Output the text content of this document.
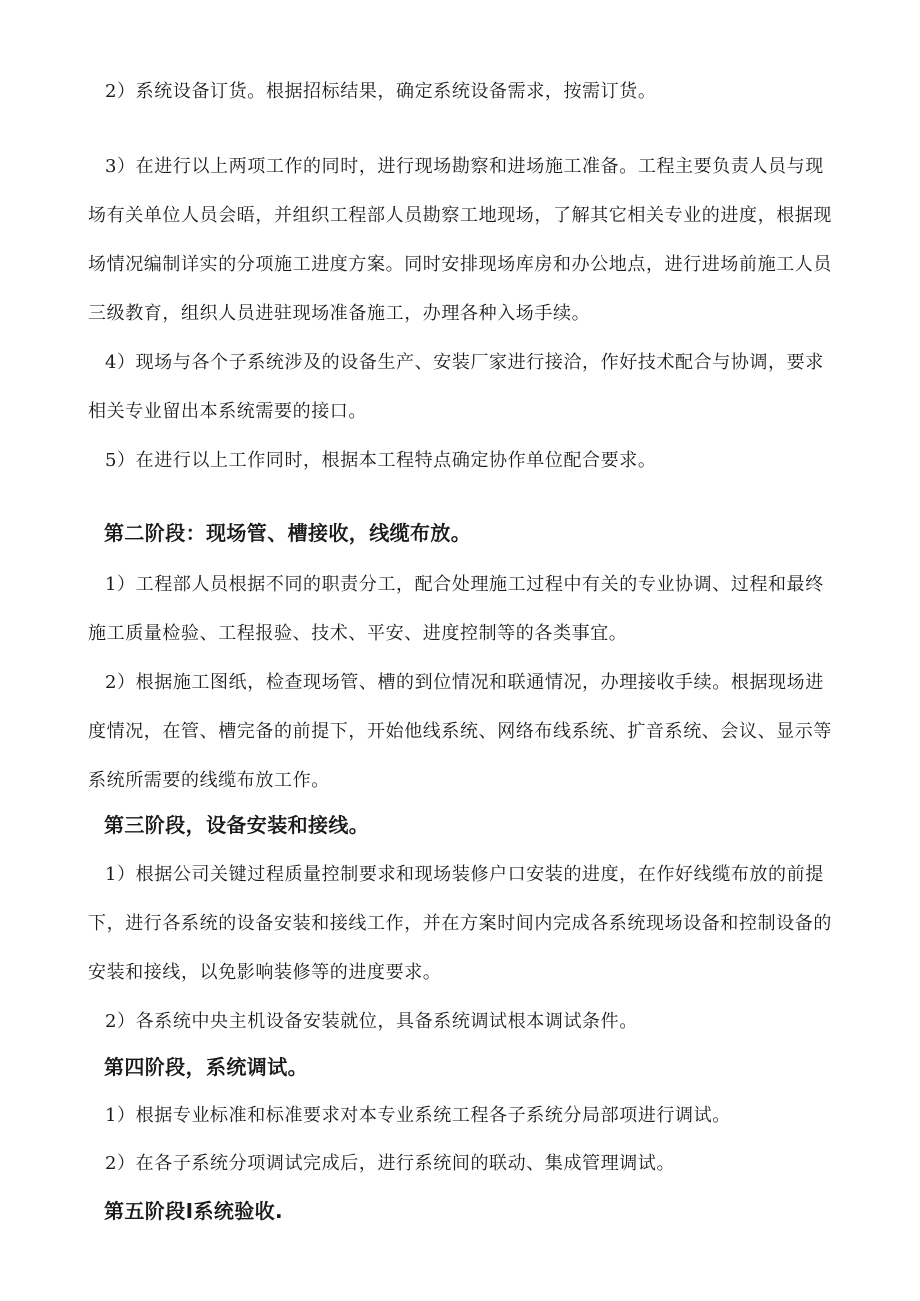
2）系统设备订货。根据招标结果，确定系统设备需求，按需订货。

3）在进行以上两项工作的同时，进行现场勘察和进场施工准备。工程主要负责人员与现场有关单位人员会晤，并组织工程部人员勘察工地现场，了解其它相关专业的进度，根据现场情况编制详实的分项施工进度方案。同时安排现场库房和办公地点，进行进场前施工人员三级教育，组织人员进驻现场准备施工，办理各种入场手续。

4）现场与各个子系统涉及的设备生产、安装厂家进行接洽，作好技术配合与协调，要求相关专业留出本系统需要的接口。

5）在进行以上工作同时，根据本工程特点确定协作单位配合要求。

第二阶段：现场管、槽接收，线缆布放。

1）工程部人员根据不同的职责分工，配合处理施工过程中有关的专业协调、过程和最终施工质量检验、工程报验、技术、平安、进度控制等的各类事宜。

2）根据施工图纸，检查现场管、槽的到位情况和联通情况，办理接收手续。根据现场进度情况，在管、槽完备的前提下，开始他线系统、网络布线系统、扩音系统、会议、显示等系统所需要的线缆布放工作。

第三阶段，设备安装和接线。

1）根据公司关键过程质量控制要求和现场装修户口安装的进度，在作好线缆布放的前提下，进行各系统的设备安装和接线工作，并在方案时间内完成各系统现场设备和控制设备的安装和接线，以免影响装修等的进度要求。

2）各系统中央主机设备安装就位，具备系统调试根本调试条件。

第四阶段，系统调试。

1）根据专业标准和标准要求对本专业系统工程各子系统分局部项进行调试。

2）在各子系统分项调试完成后，进行系统间的联动、集成管理调试。

第五阶段I系统验收.
